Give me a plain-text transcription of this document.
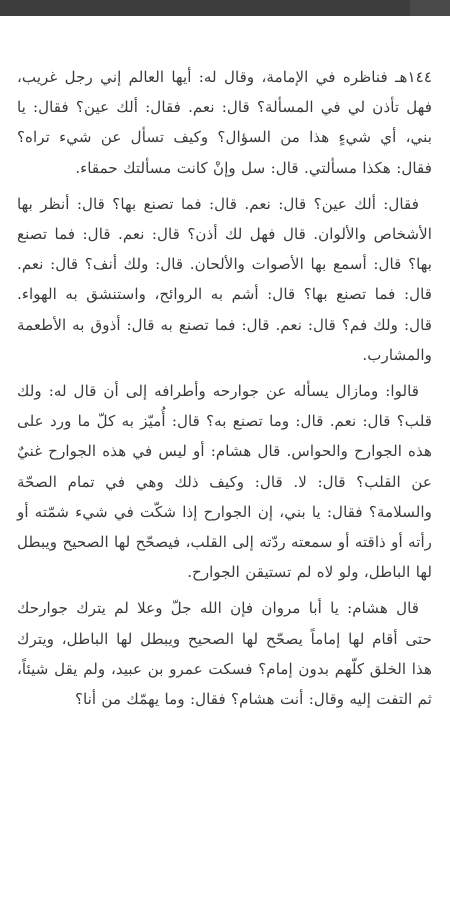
١٤٤هـ فناظره في الإمامة، وقال له: أيها العالم إني رجل غريب، فهل تأذن لي في المسألة؟ قال: نعم. فقال: ألك عين؟ فقال: يا بني، أي شيءٍ هذا من السؤال؟ وكيف تسأل عن شيء تراه؟ فقال: هكذا مسألتي. قال: سل وإنْ كانت مسألتك حمقاء.

فقال: ألك عين؟ قال: نعم. قال: فما تصنع بها؟ قال: أنظر بها الأشخاص والألوان. قال فهل لك أذن؟ قال: نعم. قال: فما تصنع بها؟ قال: أسمع بها الأصوات والألحان. قال: ولك أنف؟ قال: نعم. قال: فما تصنع بها؟ قال: أشم به الروائح، واستنشق به الهواء. قال: ولك فم؟ قال: نعم. قال: فما تصنع به قال: أذوق به الأطعمة والمشارب.

قالوا: ومازال يسأله عن جوارحه وأطرافه إلى أن قال له: ولك قلب؟ قال: نعم. قال: وما تصنع به؟ قال: أُميّز به كلّ ما ورد على هذه الجوارح والحواس. قال هشام: أو ليس في هذه الجوارح غنيٌ عن القلب؟ قال: لا. قال: وكيف ذلك وهي في تمام الصحّة والسلامة؟ فقال: يا بني، إن الجوارح إذا شكّت في شيء شمّته أو رأته أو ذاقته أو سمعته ردّته إلى القلب، فيصحّح لها الصحيح ويبطل لها الباطل، ولو لاه لم تستيقن الجوارح.

قال هشام: يا أبا مروان فإن الله جلّ وعلا لم يترك جوارحك حتى أقام لها إماماً يصحّح لها الصحيح ويبطل لها الباطل، ويترك هذا الخلق كلّهم بدون إمام؟ فسكت عمرو بن عبيد، ولم يقل شيئاً، ثم التفت إليه وقال: أنت هشام؟ فقال: وما يهمّك من أنا؟
